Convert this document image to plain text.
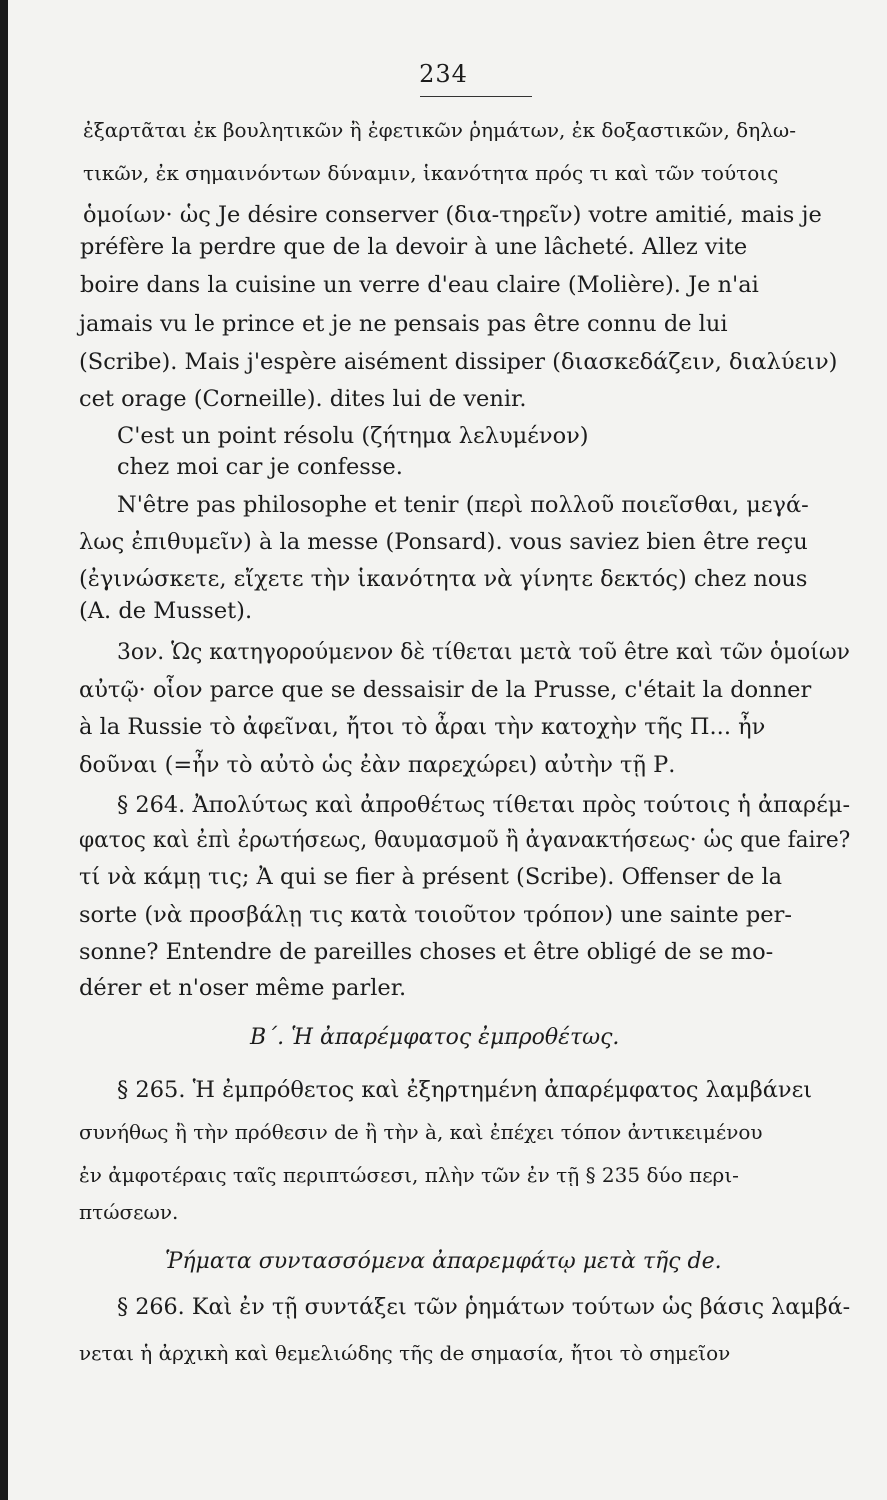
234
ἐξαρτᾶται ἐκ βουλητικῶν ἢ ἐφετικῶν ῥημάτων, ἐκ δοξαστικῶν, δηλω-
τικῶν, ἐκ σημαινόντων δύναμιν, ἱκανότητα πρός τι καὶ τῶν τούτοις
ὁμοίων· ὡς Je désire conserver (δια-τηρεῖν) votre amitié, mais je
préfère la perdre que de la devoir à une lâcheté. Allez vite
boire dans la cuisine un verre d'eau claire (Molière). Je n'ai
jamais vu le prince et je ne pensais pas être connu de lui
(Scribe). Mais j'espère aisément dissiper (διασκεδάζειν, διαλύειν)
cet orage (Corneille). dites lui de venir.
C'est un point résolu (ζήτημα λελυμένον)
chez moi car je confesse.
N'être pas philosophe et tenir (περὶ πολλοῦ ποιεῖσθαι, μεγά-
λως ἐπιθυμεῖν) à la messe (Ponsard). vous saviez bien être reçu
(ἐγινώσκετε, εἴχετε τὴν ἱκανότητα νὰ γίνητε δεκτός) chez nous
(A. de Musset).
3ον. Ὡς κατηγορούμενον δὲ τίθεται μετὰ τοῦ être καὶ τῶν ὁμοίων
αὐτῷ· οἷον parce que se dessaisir de la Prusse, c'était la donner
à la Russie τὸ ἀφεῖναι, ἤτοι τὸ ἆραι τὴν κατοχὴν τῆς Π... ἦν
δοῦναι (=ἦν τὸ αὐτὸ ὡς ἐὰν παρεχώρει) αὐτὴν τῇ Ρ.
§ 264. Ἀπολύτως καὶ ἀπροθέτως τίθεται πρὸς τούτοις ἡ ἀπαρέμ-
φατος καὶ ἐπὶ ἐρωτήσεως, θαυμασμοῦ ἢ ἀγανακτήσεως· ὡς que faire?
τί νὰ κάμῃ τις; Ἀ qui se fier à présent (Scribe). Offenser de la
sorte (νὰ προσβάλῃ τις κατὰ τοιοῦτον τρόπον) une sainte per-
sonne? Entendre de pareilles choses et être obligé de se mo-
dérer et n'oser même parler.
Β΄. Ἡ ἀπαρέμφατος ἐμπροθέτως.
§ 265. Ἡ ἐμπρόθετος καὶ ἐξηρτημένη ἀπαρέμφατος λαμβάνει
συνήθως ἢ τὴν πρόθεσιν de ἢ τὴν à, καὶ ἐπέχει τόπον ἀντικειμένου
ἐν ἀμφοτέραις ταῖς περιπτώσεσι, πλὴν τῶν ἐν τῇ § 235 δύο περι-
πτώσεων.
Ῥήματα συντασσόμενα ἀπαρεμφάτῳ μετὰ τῆς de.
§ 266. Καὶ ἐν τῇ συντάξει τῶν ῥημάτων τούτων ὡς βάσις λαμβά-
νεται ἡ ἀρχικὴ καὶ θεμελιώδης τῆς de σημασία, ἤτοι τὸ σημεῖον
